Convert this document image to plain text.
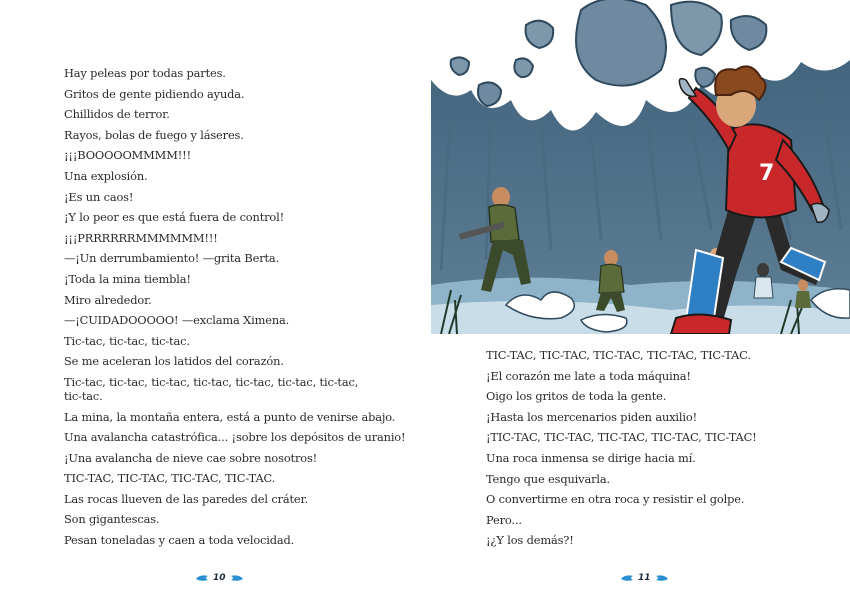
Hay peleas por todas partes.
Gritos de gente pidiendo ayuda.
Chillidos de terror.
Rayos, bolas de fuego y láseres.
¡¡¡BOOOOOMMMM!!!
Una explosión.
¡Es un caos!
¡Y lo peor es que está fuera de control!
¡¡¡PRRRRRRMMMMMM!!!
—¡Un derrumbamiento! —grita Berta.
¡Toda la mina tiembla!
Miro alrededor.
—¡CUIDADOOOOO! —exclama Ximena.
Tic-tac, tic-tac, tic-tac.
Se me aceleran los latidos del corazón.
Tic-tac, tic-tac, tic-tac, tic-tac, tic-tac, tic-tac, tic-tac, tic-tac.
La mina, la montaña entera, está a punto de venirse abajo.
Una avalancha catastrófica... ¡sobre los depósitos de uranio!
¡Una avalancha de nieve cae sobre nosotros!
TIC-TAC, TIC-TAC, TIC-TAC, TIC-TAC.
Las rocas llueven de las paredes del cráter.
Son gigantescas.
Pesan toneladas y caen a toda velocidad.
10
7
TIC-TAC, TIC-TAC, TIC-TAC, TIC-TAC, TIC-TAC.
¡El corazón me late a toda máquina!
Oigo los gritos de toda la gente.
¡Hasta los mercenarios piden auxilio!
¡TIC-TAC, TIC-TAC, TIC-TAC, TIC-TAC, TIC-TAC!
Una roca inmensa se dirige hacia mí.
Tengo que esquivarla.
O convertirme en otra roca y resistir el golpe.
Pero...
¡¿Y los demás?!
11
